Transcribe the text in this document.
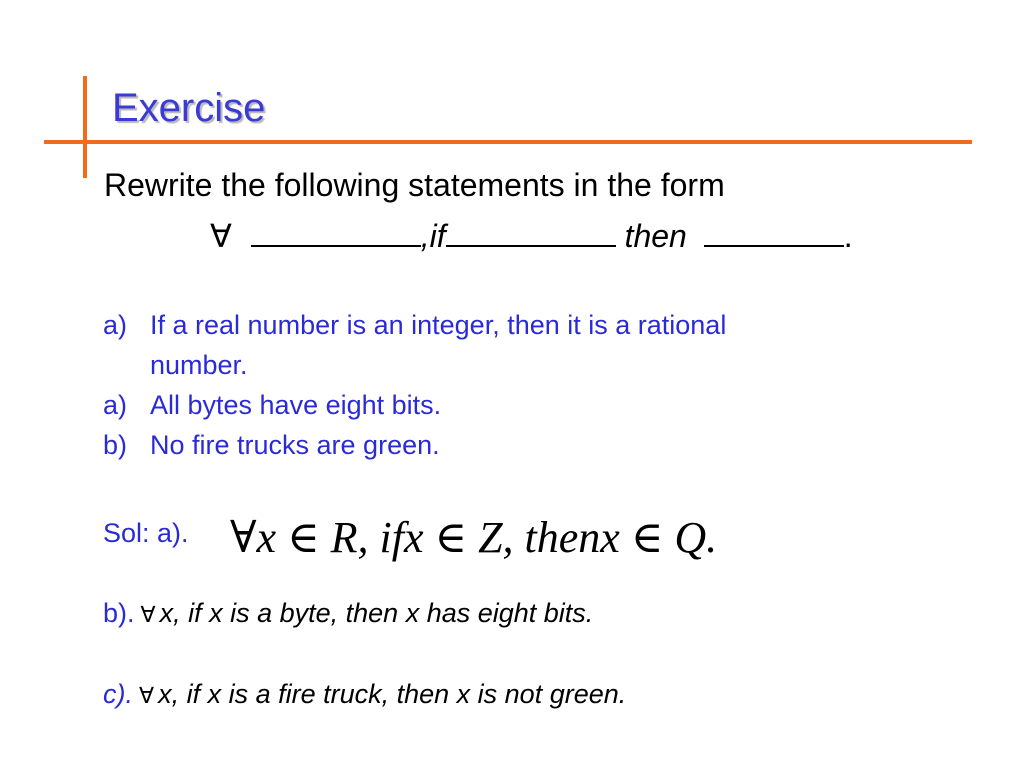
Exercise
Rewrite the following statements in the form
∀	,if	then	.
a) If a real number is an integer, then it is a rational
number.
a) All bytes have eight bits.
b) No fire trucks are green.
Sol: a). ∀x ∈ R, ifx ∈ Z, thenx ∈ Q.
b). ∀ x, if x is a byte, then x has eight bits.
c). ∀ x, if x is a fire truck, then x is not green.
